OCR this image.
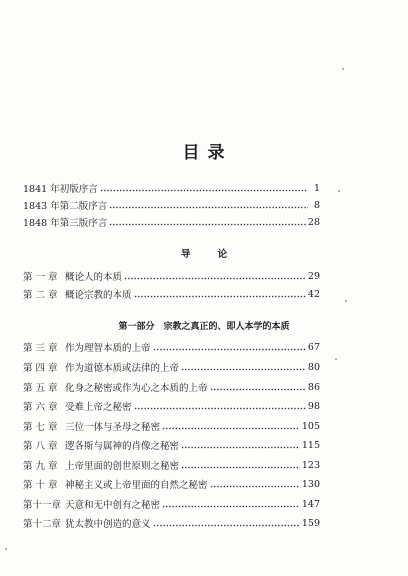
目 录
1841 年初版序言	1
1843 年第二版序言	8
1848 年第三版序言	28
导 论
第 一 章 概论人的本质	29
第 二 章 概论宗教的本质	42
第一部分　宗教之真正的、即人本学的本质
第 三 章 作为理智本质的上帝	67
第 四 章 作为道德本质或法律的上帝	80
第 五 章 化身之秘密或作为心之本质的上帝	86
第 六 章 受难上帝之秘密	98
第 七 章 三位一体与圣母之秘密	105
第 八 章 逻各斯与属神的肖像之秘密	115
第 九 章 上帝里面的创世原则之秘密	123
第 十 章 神秘主义或上帝里面的自然之秘密	130
第十一章 天意和无中创有之秘密	147
第十二章 犹太教中创造的意义	159
